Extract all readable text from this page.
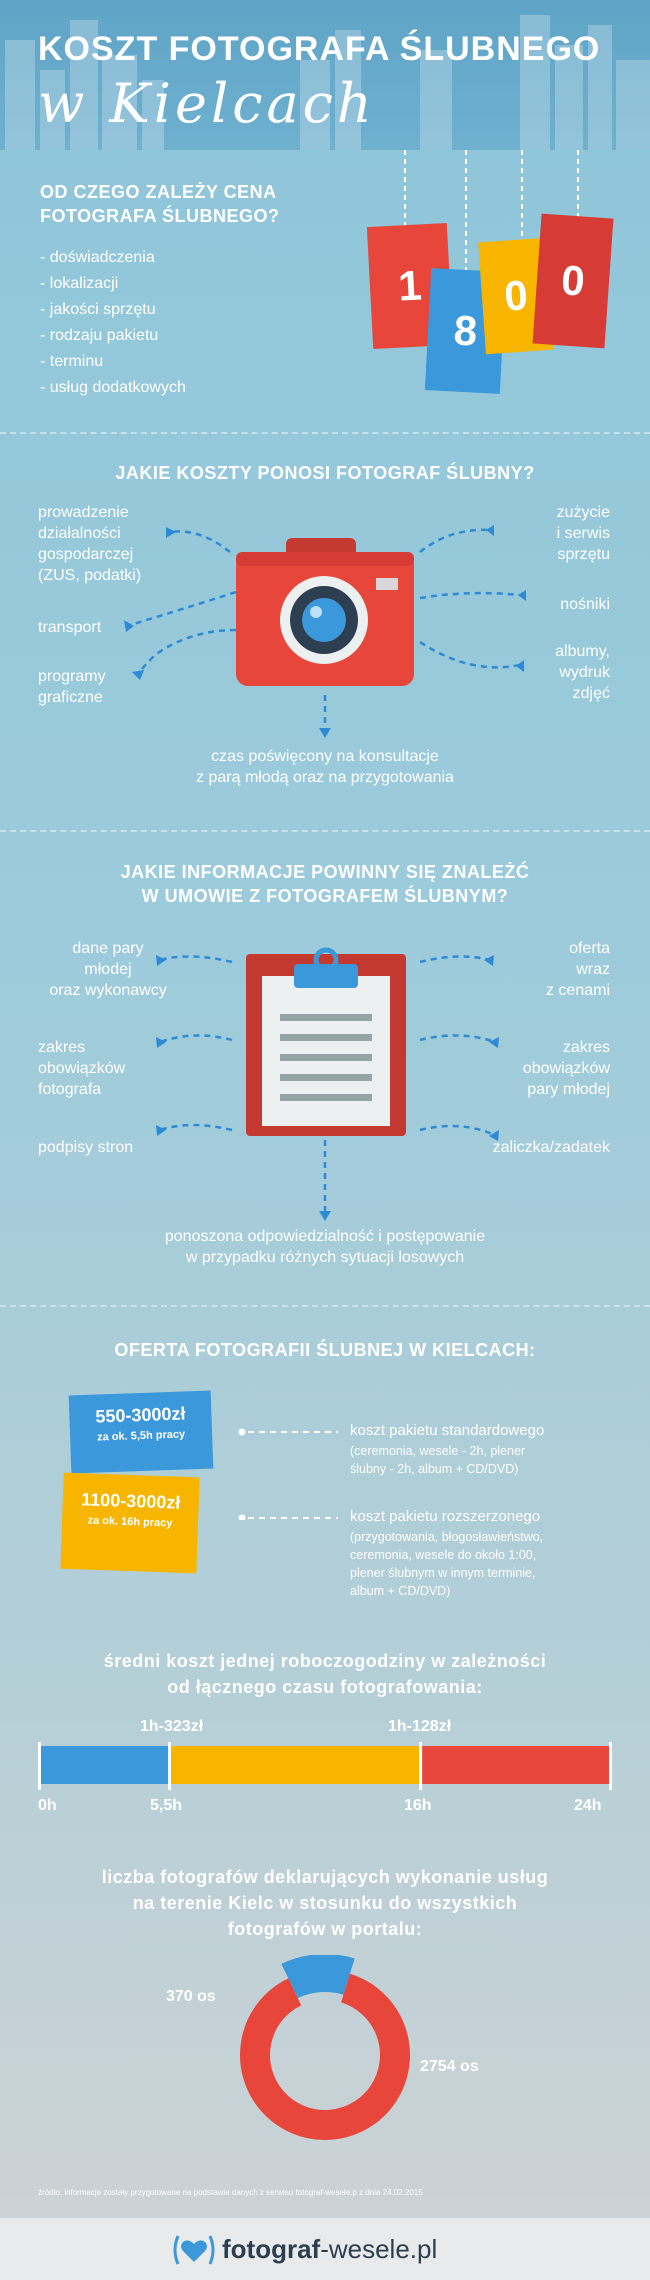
KOSZT FOTOGRAFA ŚLUBNEGO
w Kielcach
OD CZEGO ZALEŻY CENA
FOTOGRAFA ŚLUBNEGO?
- doświadczenia
- lokalizacji
- jakości sprzętu
- rodzaju pakietu
- terminu
- usług dodatkowych
1
8
0 0
JAKIE KOSZTY PONOSI FOTOGRAF ŚLUBNY?
prowadzenie
działalności
gospodarczej
(ZUS, podatki)
transport
programy
graficzne
zużycie
i serwis
sprzętu
nośniki
albumy,
wydruk
zdjęć
czas poświęcony na konsultacje
z parą młodą oraz na przygotowania
JAKIE INFORMACJE POWINNY SIĘ ZNALEŻĆ
W UMOWIE Z FOTOGRAFEM ŚLUBNYM?
dane pary
młodej
oraz wykonawcy
zakres
obowiązków
fotografa
podpisy stron
oferta
wraz
z cenami
zakres
obowiązków
pary młodej
zaliczka/zadatek
ponoszona odpowiedzialność i postępowanie
w przypadku różnych sytuacji losowych
OFERTA FOTOGRAFII ŚLUBNEJ W KIELCACH:
550-3000zł
za ok. 5,5h pracy
1100-3000zł
za ok. 16h pracy
koszt pakietu standardowego
(ceremonia, wesele - 2h, plener
ślubny - 2h, album + CD/DVD)
koszt pakietu rozszerzonego
(przygotowania, błogosławieństwo,
ceremonia, wesele do około 1:00,
plener ślubnym w innym terminie,
album + CD/DVD)
średni koszt jednej roboczogodziny w zależności
od łącznego czasu fotografowania:
1h-323zł	1h-128zł
0h	5,5h	16h	24h
liczba fotografów deklarujących wykonanie usług
na terenie Kielc w stosunku do wszystkich
fotografów w portalu:
370 os
2754 os
źródło: informacje zostały przygotowane na podstawie danych z serwisu fotograf-wesele.p z dnia 24.02.2015
fotograf-wesele.pl
